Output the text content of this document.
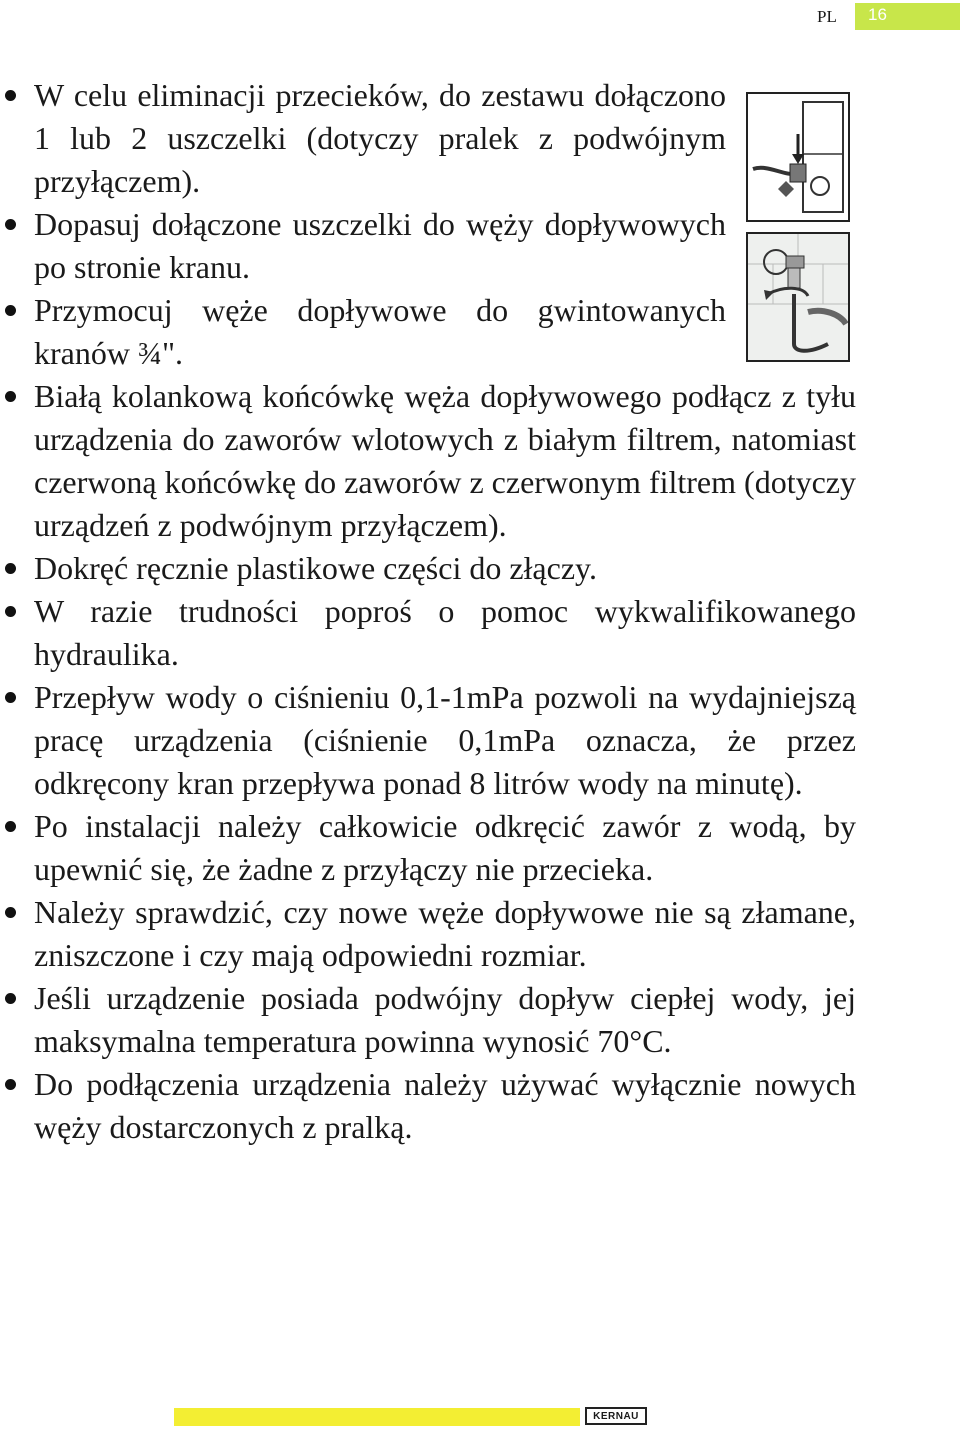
PL 16
W celu eliminacji przecieków, do zestawu dołączono 1 lub 2 uszczelki (dotyczy pralek z podwójnym przyłączem).
Dopasuj dołączone uszczelki do węży dopływowych po stronie kranu.
Przymocuj węże dopływowe do gwintowanych kranów ¾".
Białą kolankową końcówkę węża dopływowego podłącz z tyłu urządzenia do zaworów wlotowych z białym filtrem, natomiast czerwoną końcówkę do zaworów z czerwonym filtrem (dotyczy urządzeń z podwójnym przyłączem).
Dokręć ręcznie plastikowe części do złączy.
W razie trudności poproś o pomoc wykwalifikowanego hydraulika.
Przepływ wody o ciśnieniu 0,1-1mPa pozwoli na wydajniejszą pracę urządzenia (ciśnienie 0,1mPa oznacza, że przez odkręcony kran przepływa ponad 8 litrów wody na minutę).
Po instalacji należy całkowicie odkręcić zawór z wodą, by upewnić się, że żadne z przyłączy nie przecieka.
Należy sprawdzić, czy nowe węże dopływowe nie są złamane, zniszczone i czy mają odpowiedni rozmiar.
Jeśli urządzenie posiada podwójny dopływ ciepłej wody, jej maksymalna temperatura powinna wynosić 70°C.
Do podłączenia urządzenia należy używać wyłącznie nowych węży dostarczonych z pralką.
KERNAU
